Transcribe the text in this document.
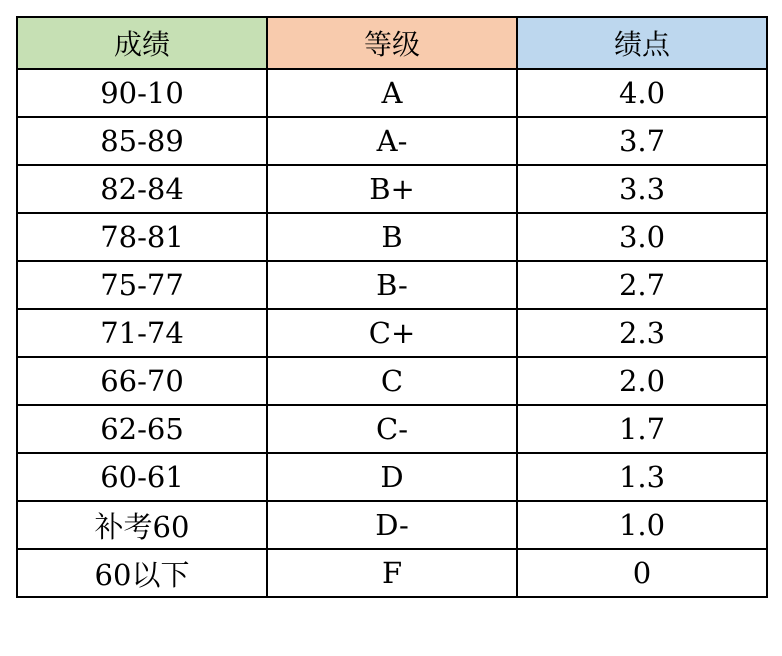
成绩	等级	绩点
90-10	A	4.0
85-89	A-	3.7
82-84	B+	3.3
78-81	B	3.0
75-77	B-	2.7
71-74	C+	2.3
66-70	C	2.0
62-65	C-	1.7
60-61	D	1.3
补考60	D-	1.0
60以下	F	0
